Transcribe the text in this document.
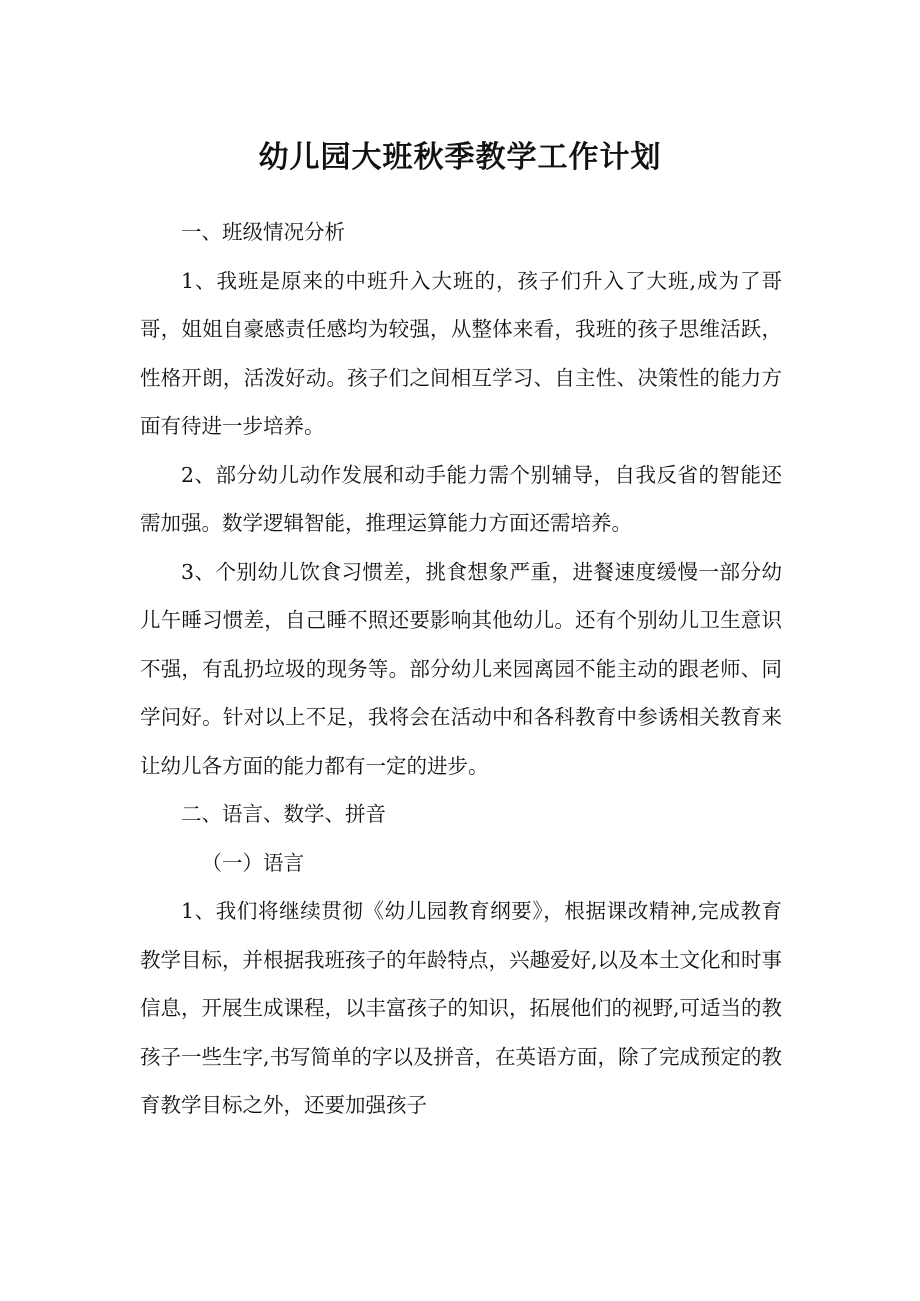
幼儿园大班秋季教学工作计划

一、班级情况分析

1、我班是原来的中班升入大班的，孩子们升入了大班,成为了哥哥，姐姐自豪感责任感均为较强，从整体来看，我班的孩子思维活跃，性格开朗，活泼好动。孩子们之间相互学习、自主性、决策性的能力方面有待进一步培养。

2、部分幼儿动作发展和动手能力需个别辅导，自我反省的智能还需加强。数学逻辑智能，推理运算能力方面还需培养。

3、个别幼儿饮食习惯差，挑食想象严重，进餐速度缓慢一部分幼儿午睡习惯差，自己睡不照还要影响其他幼儿。还有个别幼儿卫生意识不强，有乱扔垃圾的现务等。部分幼儿来园离园不能主动的跟老师、同学问好。针对以上不足，我将会在活动中和各科教育中参诱相关教育来让幼儿各方面的能力都有一定的进步。

二、语言、数学、拼音

（一）语言

1、我们将继续贯彻《幼儿园教育纲要》，根据课改精神,完成教育教学目标，并根据我班孩子的年龄特点，兴趣爱好,以及本土文化和时事信息，开展生成课程，以丰富孩子的知识，拓展他们的视野,可适当的教孩子一些生字,书写简单的字以及拼音，在英语方面，除了完成预定的教育教学目标之外，还要加强孩子
